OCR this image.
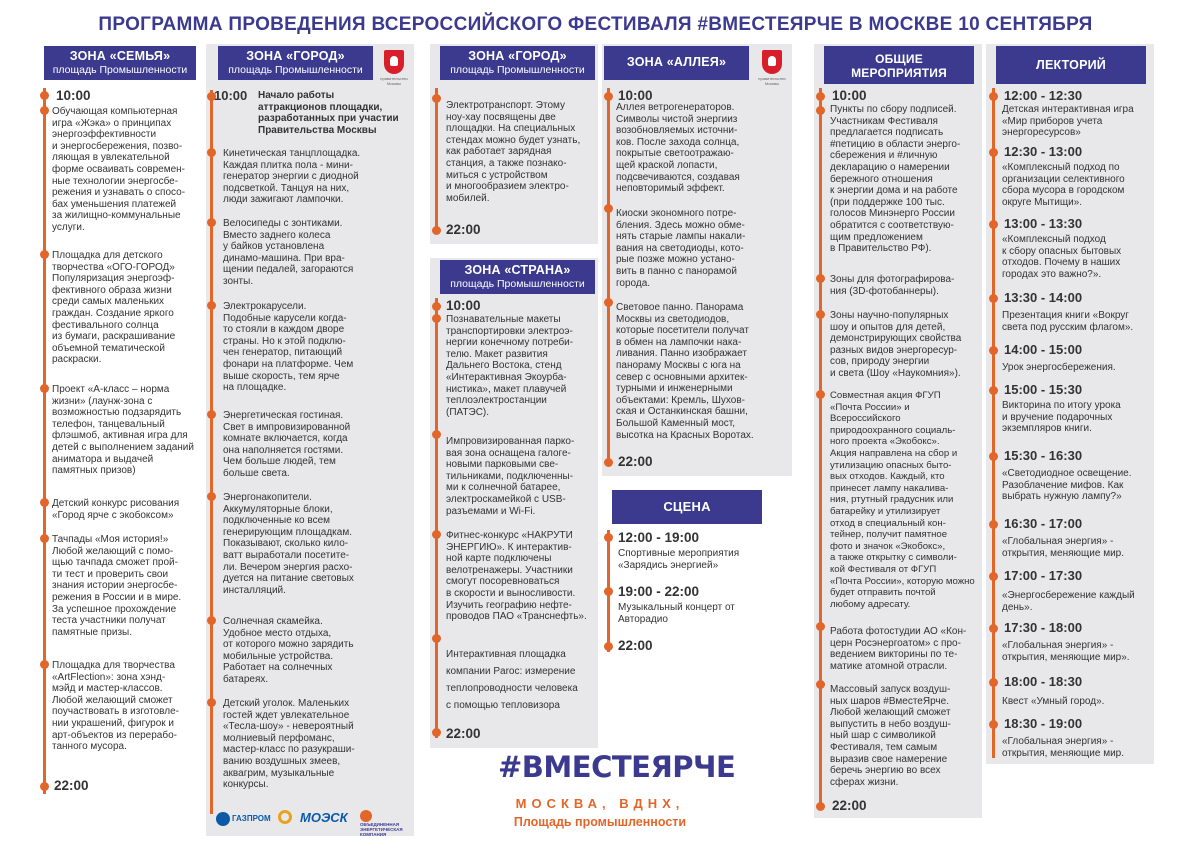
ПРОГРАММА ПРОВЕДЕНИЯ ВСЕРОССИЙСКОГО ФЕСТИВАЛЯ #ВМЕСТЕЯРЧЕ В МОСКВЕ 10 СЕНТЯБРЯ
ЗОНА «СЕМЬЯ»
площадь Промышленности
10:00
Обучающая компьютерная
игра «Жэка» о принципах
энергоэффективности
и энергосбережения, позво-
ляющая в увлекательной
форме осваивать современ-
ные технологии энергосбе-
режения и узнавать о спосо-
бах уменьшения платежей
за жилищно-коммунальные
услуги.
Площадка для детского
творчества «ОГО-ГОРОД»
Популяризация энергоэф-
фективного образа жизни
среди самых маленьких
граждан. Создание яркого
фестивального солнца
из бумаги, раскрашивание
объемной тематической
раскраски.
Проект «А-класс – норма
жизни» (лаунж-зона с
возможностью подзарядить
телефон, танцевальный
флэшмоб, активная игра для
детей с выполнением заданий
аниматора и выдачей
памятных призов)
Детский конкурс рисования
«Город ярче с экобоксом»
Тачпады «Моя история!»
Любой желающий с помо-
щью тачпада сможет прой-
ти тест и проверить свои
знания истории энергосбе-
режения в России и в мире.
За успешное прохождение
теста участники получат
памятные призы.
Площадка для творчества
«ArtFlection»: зона хэнд-
мэйд и мастер-классов.
Любой желающий сможет
поучаствовать в изготовле-
нии украшений, фигурок и
арт-объектов из перерабо-
танного мусора.
22:00
ЗОНА «ГОРОД»
площадь Промышленности
правительство Москвы
10:00 Начало работы
аттракционов площадки,
разработанных при участии
Правительства Москвы
Кинетическая танцплощадка.
Каждая плитка пола - мини-
генератор энергии с диодной
подсветкой. Танцуя на них,
люди зажигают лампочки.
Велосипеды с зонтиками.
Вместо заднего колеса
у байков установлена
динамо-машина. При вра-
щении педалей, загораются
зонты.
Электрокарусели.
Подобные карусели когда-
то стояли в каждом дворе
страны. Но к этой подклю-
чен генератор, питающий
фонари на платформе. Чем
выше скорость, тем ярче
на площадке.
Энергетическая гостиная.
Свет в импровизированной
комнате включается, когда
она наполняется гостями.
Чем больше людей, тем
больше света.
Энергонакопители.
Аккумуляторные блоки,
подключенные ко всем
генерирующим площадкам.
Показывают, сколько кило-
ватт выработали посетите-
ли. Вечером энергия расхо-
дуется на питание световых
инсталляций.
Солнечная скамейка.
Удобное место отдыха,
от которого можно зарядить
мобильные устройства.
Работает на солнечных
батареях.
Детский уголок. Маленьких
гостей ждет увлекательное
«Тесла-шоу» - невероятный
молниевый перфоманс,
мастер-класс по разукраши-
ванию воздушных змеев,
аквагрим, музыкальные
конкурсы.
ГАЗПРОМ МОЭСК	ОБЪЕДИНЕННАЯ
ЭНЕРГЕТИЧЕСКАЯ
КОМПАНИЯ
ЗОНА «ГОРОД»
площадь Промышленности
Электротранспорт. Этому
ноу-хау посвящены две
площадки. На специальных
стендах можно будет узнать,
как работает зарядная
станция, а также познако-
миться с устройством
и многообразием электро-
мобилей.
22:00
ЗОНА «СТРАНА»
площадь Промышленности
10:00
Познавательные макеты
транспортировки электроэ-
нергии конечному потреби-
телю. Макет развития
Дальнего Востока, стенд
«Интерактивная Экоурба-
нистика», макет плавучей
теплоэлектростанции
(ПАТЭС).
Импровизированная парко-
вая зона оснащена галоге-
новыми парковыми све-
тильниками, подключенны-
ми к солнечной батарее,
электроскамейкой с USB-
разъемами и Wi-Fi.
Фитнес-конкурс «НАКРУТИ
ЭНЕРГИЮ». К интерактив-
ной карте подключены
велотренажеры. Участники
смогут посоревноваться
в скорости и выносливости.
Изучить географию нефте-
проводов ПАО «Транснефть».
Интерактивная площадка
компании Parоc: измерение
теплопроводности человека
с помощью тепловизора
22:00
ЗОНА «АЛЛЕЯ»
правительство Москвы
10:00
Аллея ветрогенераторов.
Символы чистой энергииз
возобновляемых источни-
ков. После захода солнца,
покрытые светоотражаю-
щей краской лопасти,
подсвечиваются, создавая
неповторимый эффект.
Киоски экономного потре-
бления. Здесь можно обме-
нять старые лампы накали-
вания на светодиоды, кото-
рые позже можно устано-
вить в панно с панорамой
города.
Световое панно. Панорама
Москвы из светодиодов,
которые посетители получат
в обмен на лампочки нака-
ливания. Панно изображает
панораму Москвы с юга на
север с основными архитек-
турными и инженерными
объектами: Кремль, Шухов-
ская и Останкинская башни,
Большой Каменный мост,
высотка на Красных Воротах.
22:00
СЦЕНА
12:00 - 19:00
Спортивные мероприятия
«Зарядись энергией»
19:00 - 22:00
Музыкальный концерт от
Авторадио
22:00
ОБЩИЕ
МЕРОПРИЯТИЯ
10:00
Пункты по сбору подписей.
Участникам Фестиваля
предлагается подписать
#петицию в области энерго-
сбережения и #личную
декларацию о намерении
бережного отношения
к энергии дома и на работе
(при поддержке 100 тыс.
голосов Минэнерго России
обратится с соответствую-
щим предложением
в Правительство РФ).
Зоны для фотографирова-
ния (3D-фотобаннеры).
Зоны научно-популярных
шоу и опытов для детей,
демонстрирующих свойства
разных видов энергоресур-
сов, природу энергии
и света (Шоу «Наукомния»).
Совместная акция ФГУП
«Почта России» и Всероссийского
природоохранного социаль-
ного проекта «Экобокс».
Акция направлена на сбор и
утилизацию опасных быто-
вых отходов. Каждый, кто
принесет лампу накалива-
ния, ртутный градусник или
батарейку и утилизирует
отход в специальный кон-
тейнер, получит памятное
фото и значок «Экобокс»,
а также открытку с символи-
кой Фестиваля от ФГУП
«Почта России», которую можно
будет отправить почтой
любому адресату.
Работа фотостудии АО «Кон-
церн Росэнергоатом» с про-
ведением викторины по те-
матике атомной отрасли.
Массовый запуск воздуш-
ных шаров #ВместеЯрче.
Любой желающий сможет
выпустить в небо воздуш-
ный шар с символикой
Фестиваля, тем самым
выразив свое намерение
беречь энергию во всех
сферах жизни.
22:00
ЛЕКТОРИЙ
12:00 - 12:30
Детская интерактивная игра
«Мир приборов учета
энергоресурсов»
12:30 - 13:00
«Комплексный подход по
организации селективного
сбора мусора в городском
округе Мытищи».
13:00 - 13:30
«Комплексный подход
к сбору опасных бытовых
отходов. Почему в наших
городах это важно?».
13:30 - 14:00
Презентация книги «Вокруг
света под русским флагом».
14:00 - 15:00
Урок энергосбережения.
15:00 - 15:30
Викторина по итогу урока
и вручение подарочных
экземпляров книги.
15:30 - 16:30
«Светодиодное освещение.
Разоблачение мифов. Как
выбрать нужную лампу?»
16:30 - 17:00
«Глобальная энергия» -
открытия, меняющие мир.
17:00 - 17:30
«Энергосбережение каждый
день».
17:30 - 18:00
«Глобальная энергия» -
открытия, меняющие мир».
18:00 - 18:30
Квест «Умный город».
18:30 - 19:00
«Глобальная энергия» -
открытия, меняющие мир.
#ВМЕСТЕЯРЧЕ
МОСКВА, ВДНХ,
Площадь промышленности
